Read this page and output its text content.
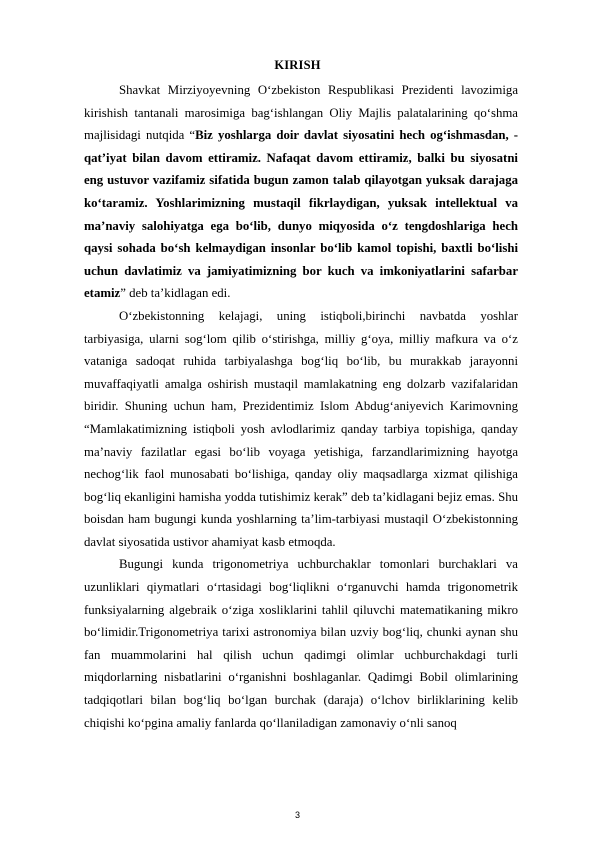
KIRISH

Shavkat Mirziyoyevning O‘zbekiston Respublikasi Prezidenti lavozimiga kirishish tantanali marosimiga bag‘ishlangan Oliy Majlis palatalarining qo‘shma majlisidagi nutqida “Biz yoshlarga doir davlat siyosatini hech og‘ishmasdan, -qat’iyat bilan davom ettiramiz. Nafaqat davom ettiramiz, balki bu siyosatni eng ustuvor vazifamiz sifatida bugun zamon talab qilayotgan yuksak darajaga ko‘taramiz. Yoshlarimizning mustaqil fikrlaydigan, yuksak intellektual va ma’naviy salohiyatga ega bo‘lib, dunyo miqyosida o‘z tengdoshlariga hech qaysi sohada bo‘sh kelmaydigan insonlar bo‘lib kamol topishi, baxtli bo‘lishi uchun davlatimiz va jamiyatimizning bor kuch va imkoniyatlarini safarbar etamiz” deb ta’kidlagan edi.

O‘zbekistonning kelajagi, uning istiqboli,birinchi navbatda yoshlar tarbiyasiga, ularni sog‘lom qilib o‘stirishga, milliy g‘oya, milliy mafkura va o‘z vataniga sadoqat ruhida tarbiyalashga bog‘liq bo‘lib, bu murakkab jarayonni muvaffaqiyatli amalga oshirish mustaqil mamlakatning eng dolzarb vazifalaridan biridir. Shuning uchun ham, Prezidentimiz Islom Abdug‘aniyevich Karimovning “Mamlakatimizning istiqboli yosh avlodlarimiz qanday tarbiya topishiga, qanday ma’naviy fazilatlar egasi bo‘lib voyaga yetishiga, farzandlarimizning hayotga nechog‘lik faol munosabati bo‘lishiga, qanday oliy maqsadlarga xizmat qilishiga bog‘liq ekanligini hamisha yodda tutishimiz kerak” deb ta’kidlagani bejiz emas. Shu boisdan ham bugungi kunda yoshlarning ta’lim-tarbiyasi mustaqil O‘zbekistonning davlat siyosatida ustivor ahamiyat kasb etmoqda.

Bugungi kunda trigonometriya uchburchaklar tomonlari burchaklari va uzunliklari qiymatlari o‘rtasidagi bog‘liqlikni o‘rganuvchi hamda trigonometrik funksiyalarning algebraik o‘ziga xosliklarini tahlil qiluvchi matematikaning mikro bo‘limidir.Trigonometriya tarixi astronomiya bilan uzviy bog‘liq, chunki aynan shu fan muammolarini hal qilish uchun qadimgi olimlar uchburchakdagi turli miqdorlarning nisbatlarini o‘rganishni boshlaganlar. Qadimgi Bobil olimlarining tadqiqotlari bilan bog‘liq bo‘lgan burchak (daraja) o‘lchov birliklarining kelib chiqishi ko‘pgina amaliy fanlarda qo‘llaniladigan zamonaviy o‘nli sanoq

3
